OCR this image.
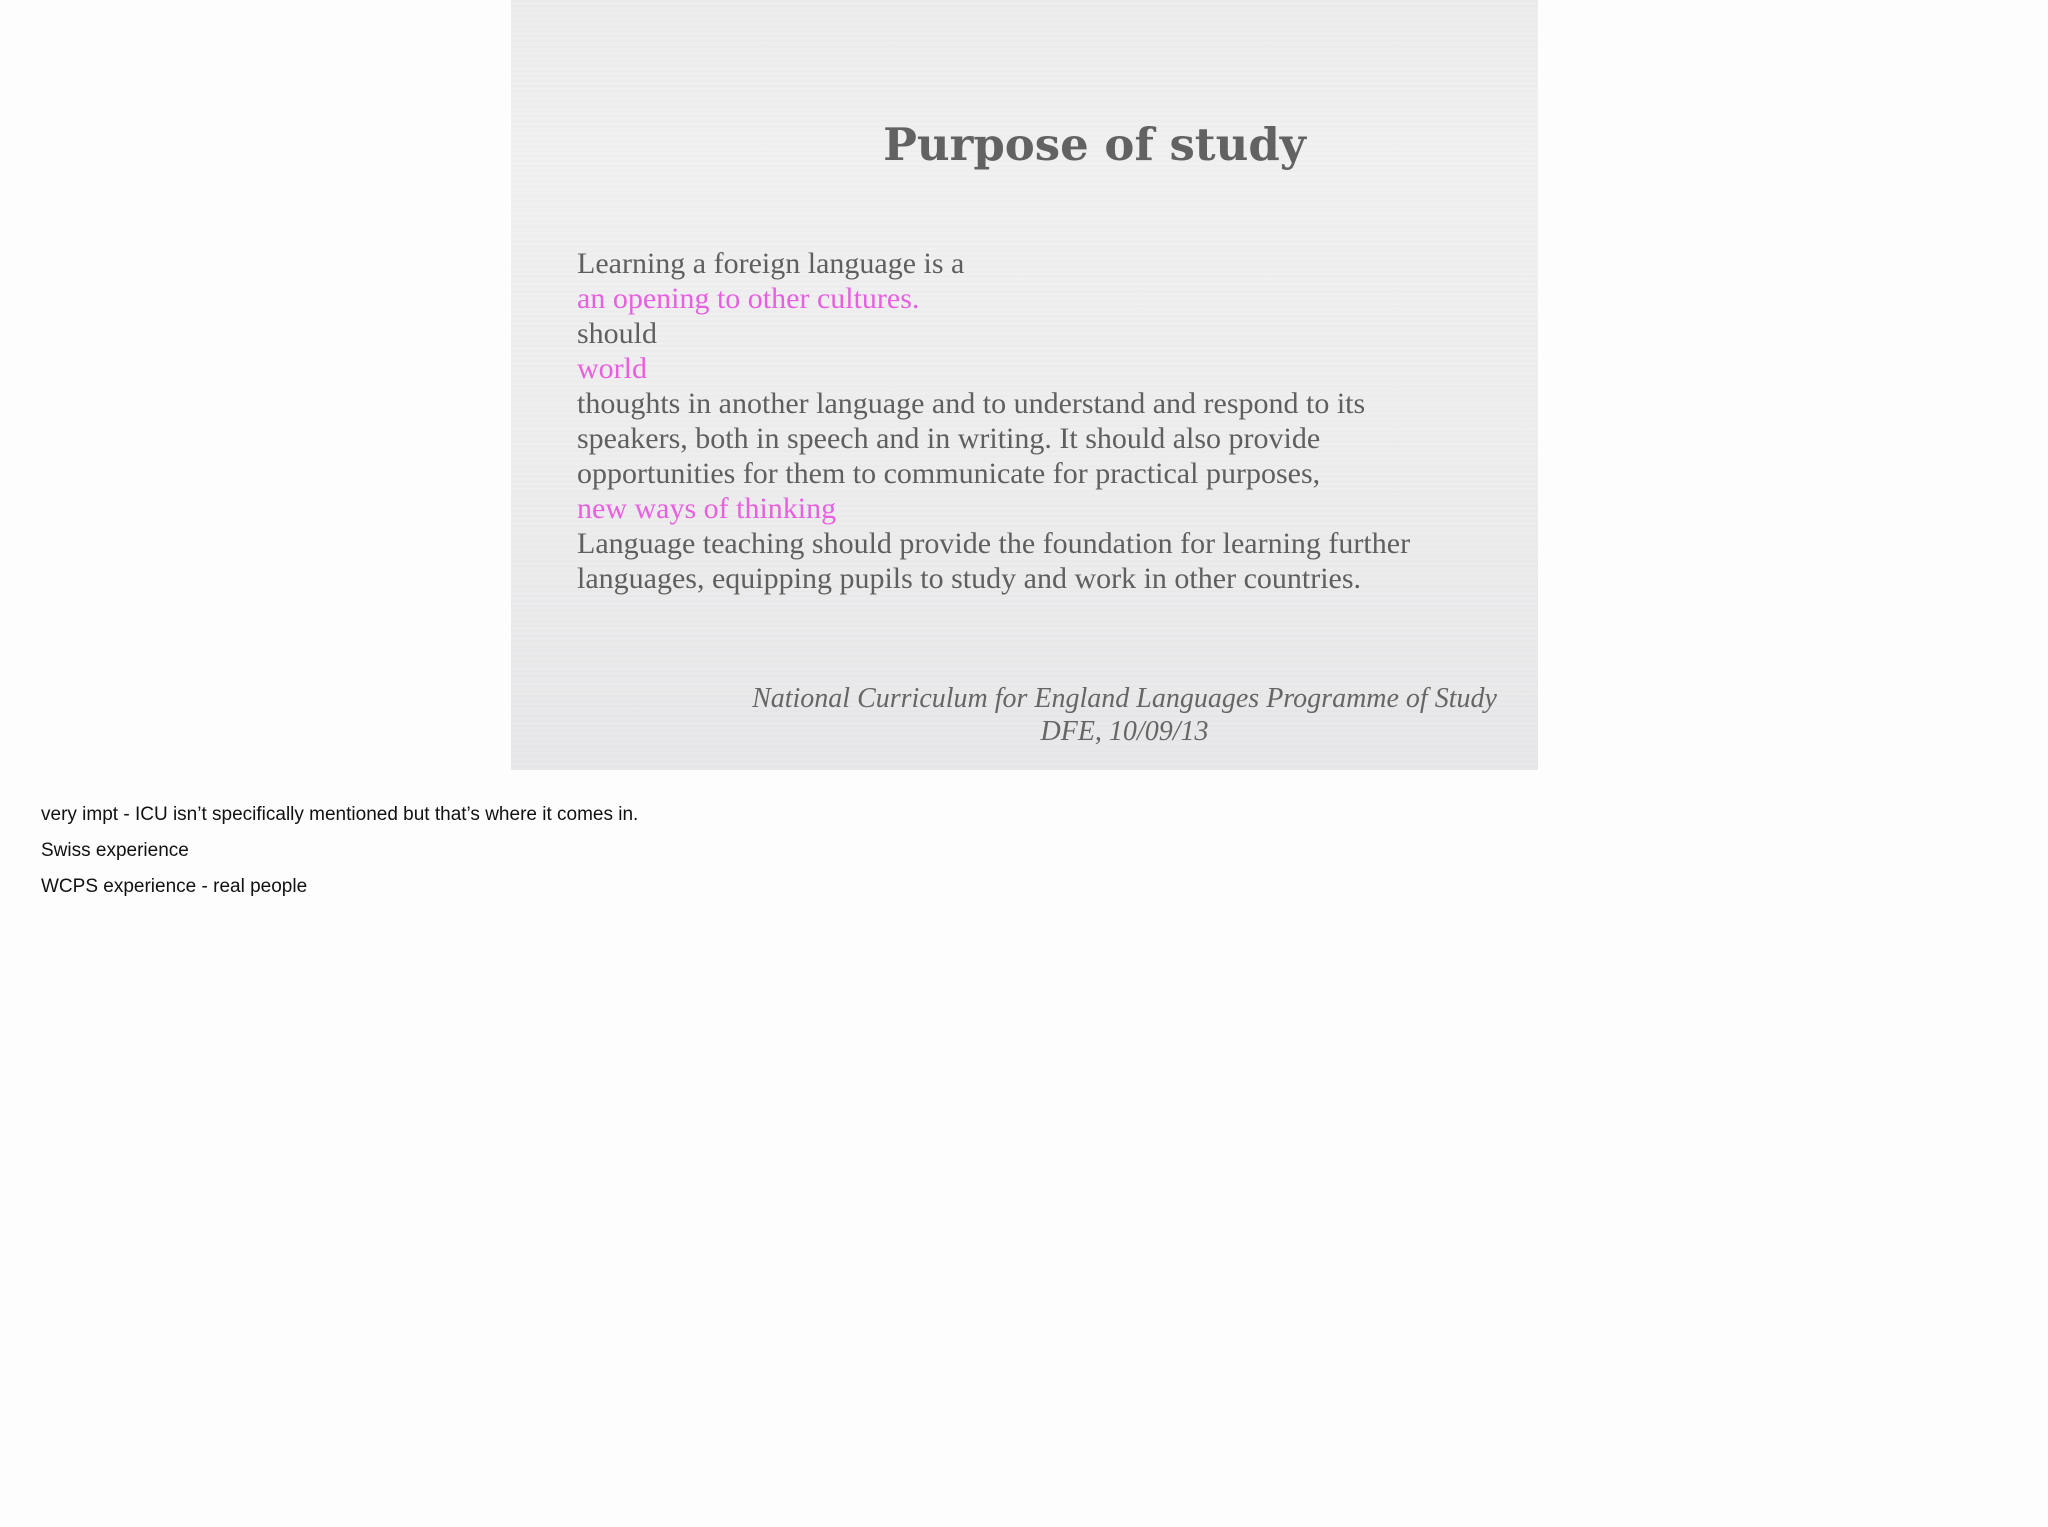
Purpose of study
Learning a foreign language is a
an opening to other cultures.
should
world
thoughts in another language and to understand and respond to its
speakers, both in speech and in writing. It should also provide
opportunities for them to communicate for practical purposes,
new ways of thinking
Language teaching should provide the foundation for learning further
languages, equipping pupils to study and work in other countries.
National Curriculum for England Languages Programme of Study
DFE, 10/09/13
very impt - ICU isn’t specifically mentioned but that’s where it comes in.
Swiss experience
WCPS experience - real people
